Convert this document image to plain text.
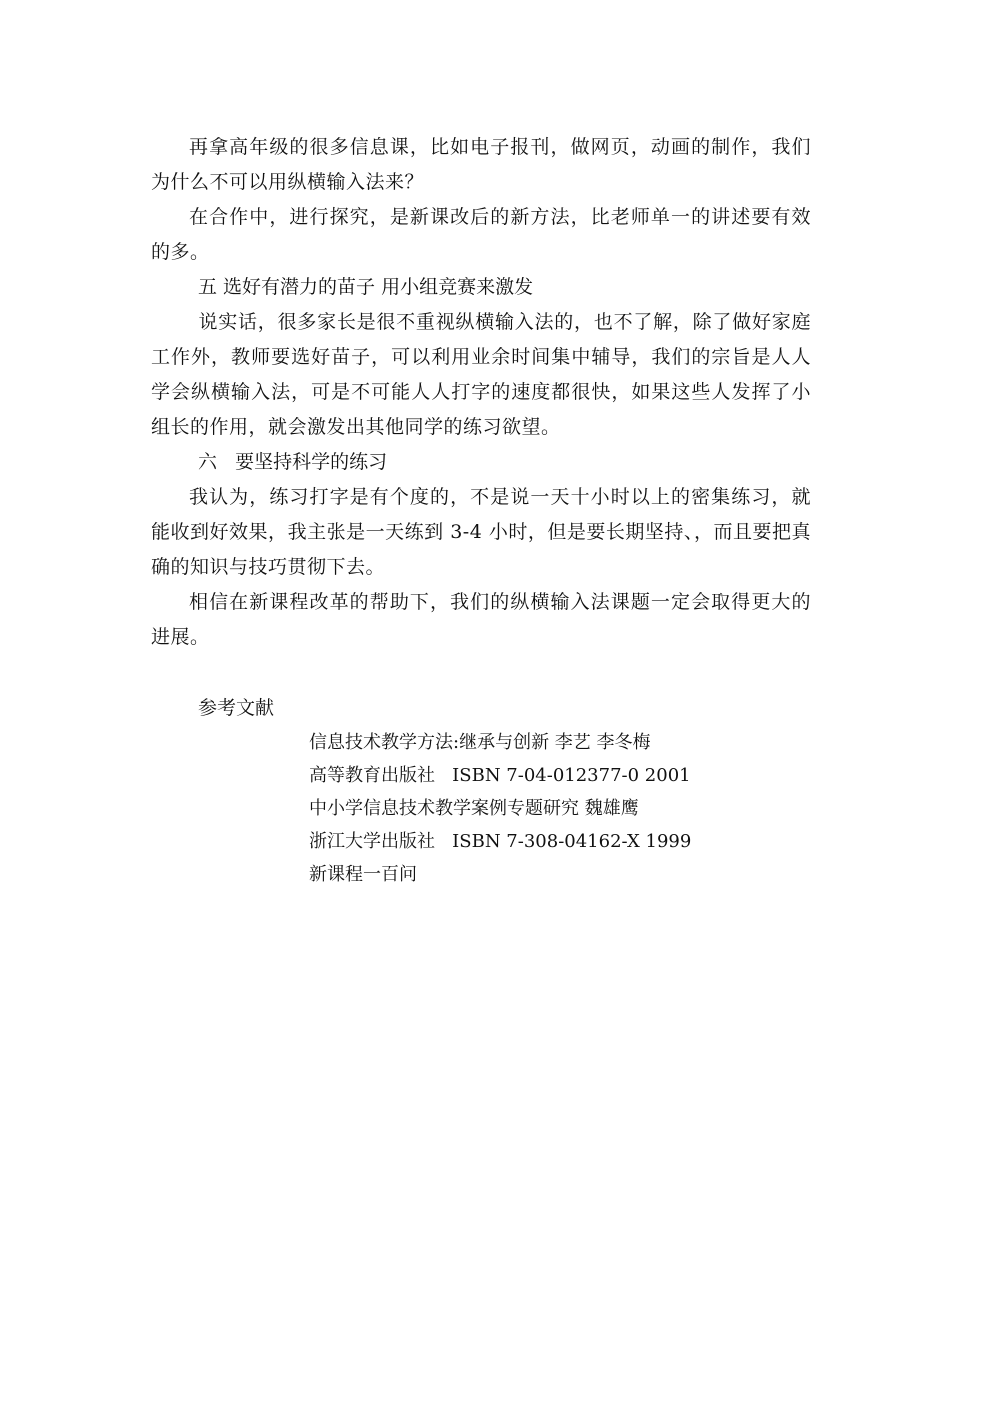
再拿高年级的很多信息课，比如电子报刊，做网页，动画的制作，我们为什么不可以用纵横输入法来？

在合作中，进行探究，是新课改后的新方法，比老师单一的讲述要有效的多。

五 选好有潜力的苗子 用小组竞赛来激发

说实话，很多家长是很不重视纵横输入法的，也不了解，除了做好家庭工作外，教师要选好苗子，可以利用业余时间集中辅导，我们的宗旨是人人学会纵横输入法，可是不可能人人打字的速度都很快，如果这些人发挥了小组长的作用，就会激发出其他同学的练习欲望。

六   要坚持科学的练习

我认为，练习打字是有个度的，不是说一天十小时以上的密集练习，就能收到好效果，我主张是一天练到 3-4 小时，但是要长期坚持、，而且要把真确的知识与技巧贯彻下去。

相信在新课程改革的帮助下，我们的纵横输入法课题一定会取得更大的进展。

参考文献

信息技术教学方法:继承与创新 李艺 李冬梅
高等教育出版社   ISBN 7-04-012377-0 2001
中小学信息技术教学案例专题研究 魏雄鹰
浙江大学出版社   ISBN 7-308-04162-X 1999
新课程一百问
